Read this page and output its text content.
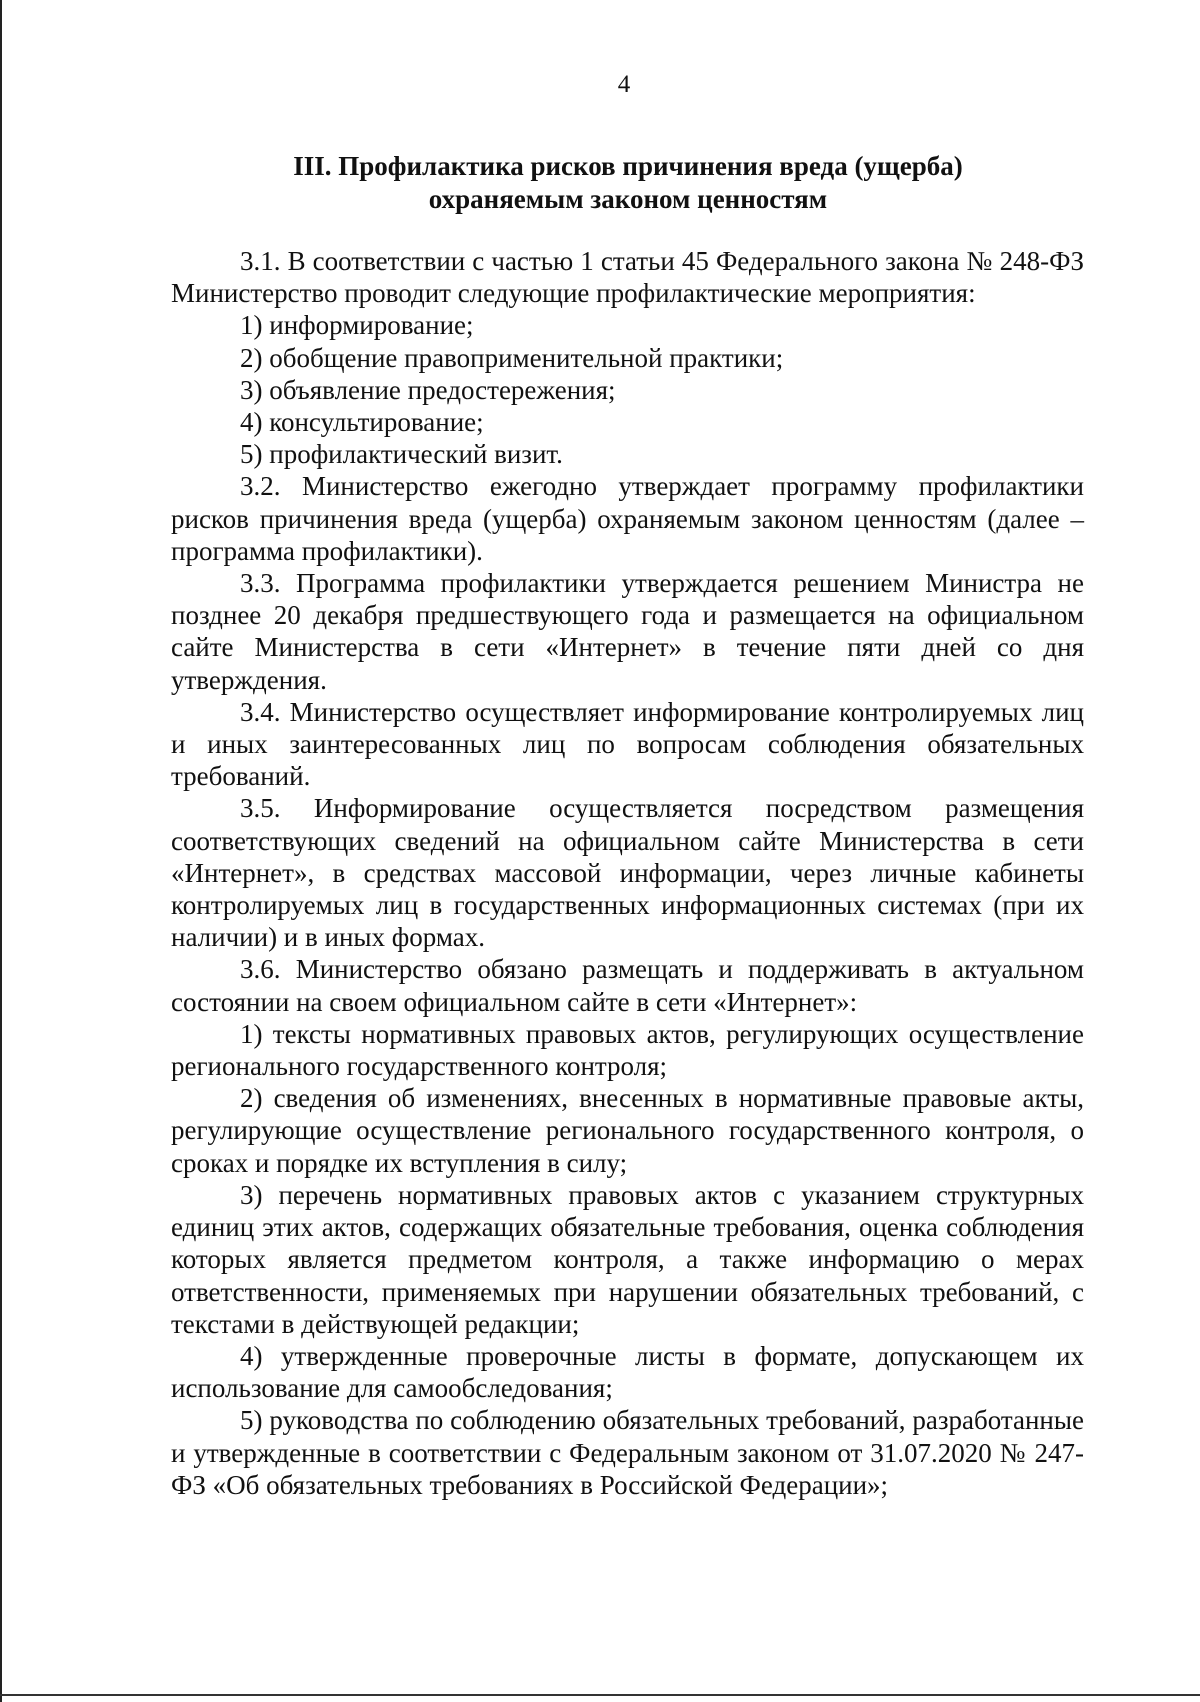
4
III. Профилактика рисков причинения вреда (ущерба)
охраняемым законом ценностям

3.1. В соответствии с частью 1 статьи 45 Федерального закона № 248-ФЗ Министерство проводит следующие профилактические мероприятия:

1) информирование;

2) обобщение правоприменительной практики;

3) объявление предостережения;

4) консультирование;

5) профилактический визит.

3.2. Министерство ежегодно утверждает программу профилактики рисков причинения вреда (ущерба) охраняемым законом ценностям (далее – программа профилактики).

3.3. Программа профилактики утверждается решением Министра не позднее 20 декабря предшествующего года и размещается на официальном сайте Министерства в сети «Интернет» в течение пяти дней со дня утверждения.

3.4. Министерство осуществляет информирование контролируемых лиц и иных заинтересованных лиц по вопросам соблюдения обязательных требований.

3.5. Информирование осуществляется посредством размещения соответствующих сведений на официальном сайте Министерства в сети «Интернет», в средствах массовой информации, через личные кабинеты контролируемых лиц в государственных информационных системах (при их наличии) и в иных формах.

3.6. Министерство обязано размещать и поддерживать в актуальном состоянии на своем официальном сайте в сети «Интернет»:

1) тексты нормативных правовых актов, регулирующих осуществление регионального государственного контроля;

2) сведения об изменениях, внесенных в нормативные правовые акты, регулирующие осуществление регионального государственного контроля, о сроках и порядке их вступления в силу;

3) перечень нормативных правовых актов с указанием структурных единиц этих актов, содержащих обязательные требования, оценка соблюдения которых является предметом контроля, а также информацию о мерах ответственности, применяемых при нарушении обязательных требований, с текстами в действующей редакции;

4) утвержденные проверочные листы в формате, допускающем их использование для самообследования;

5) руководства по соблюдению обязательных требований, разработанные и утвержденные в соответствии с Федеральным законом от 31.07.2020 № 247-ФЗ «Об обязательных требованиях в Российской Федерации»;
